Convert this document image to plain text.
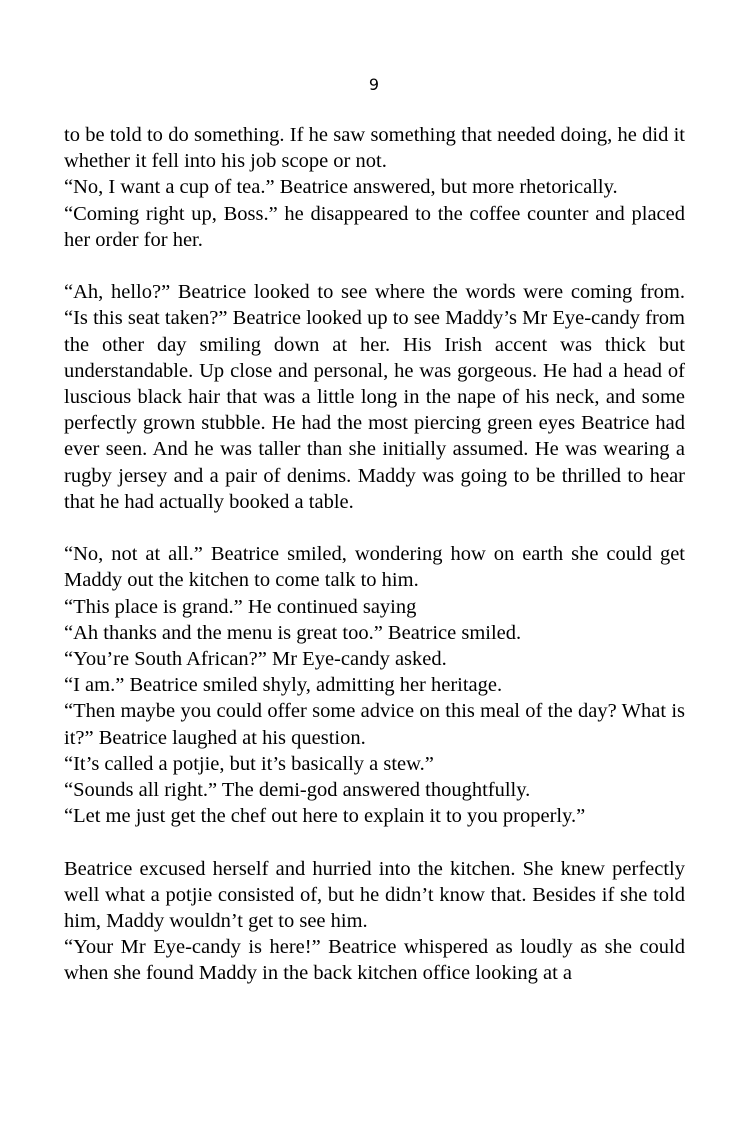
9

to be told to do something. If he saw something that needed doing, he did it whether it fell into his job scope or not.

“No, I want a cup of tea.” Beatrice answered, but more rhetorically.

“Coming right up, Boss.” he disappeared to the coffee counter and placed her order for her.

“Ah, hello?” Beatrice looked to see where the words were coming from. “Is this seat taken?” Beatrice looked up to see Maddy’s Mr Eye-candy from the other day smiling down at her. His Irish accent was thick but understandable. Up close and personal, he was gorgeous. He had a head of luscious black hair that was a little long in the nape of his neck, and some perfectly grown stubble. He had the most piercing green eyes Beatrice had ever seen. And he was taller than she initially assumed. He was wearing a rugby jersey and a pair of denims. Maddy was going to be thrilled to hear that he had actually booked a table.

“No, not at all.” Beatrice smiled, wondering how on earth she could get Maddy out the kitchen to come talk to him.

“This place is grand.” He continued saying

“Ah thanks and the menu is great too.” Beatrice smiled.

“You’re South African?” Mr Eye-candy asked.

“I am.” Beatrice smiled shyly, admitting her heritage.

“Then maybe you could offer some advice on this meal of the day? What is it?” Beatrice laughed at his question.

“It’s called a potjie, but it’s basically a stew.”

“Sounds all right.” The demi-god answered thoughtfully.

“Let me just get the chef out here to explain it to you properly.”

Beatrice excused herself and hurried into the kitchen. She knew perfectly well what a potjie consisted of, but he didn’t know that. Besides if she told him, Maddy wouldn’t get to see him.

“Your Mr Eye-candy is here!” Beatrice whispered as loudly as she could when she found Maddy in the back kitchen office looking at a
